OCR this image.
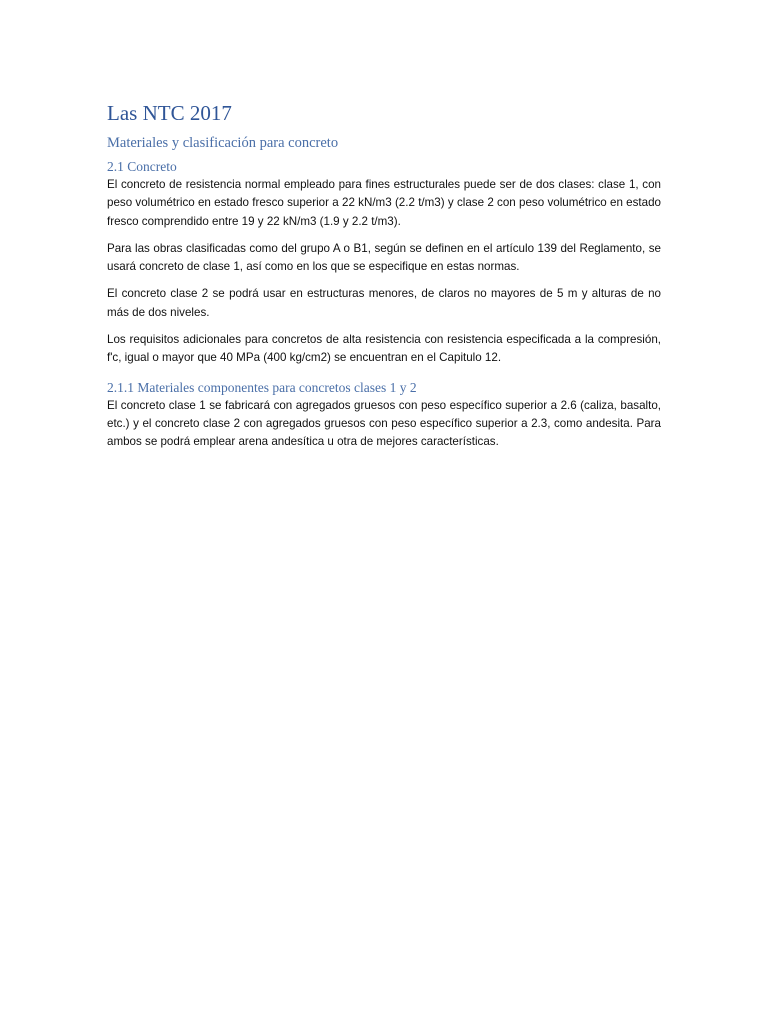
Las NTC 2017
Materiales y clasificación para concreto
2.1 Concreto

El concreto de resistencia normal empleado para fines estructurales puede ser de dos clases: clase 1, con peso volumétrico en estado fresco superior a 22 kN/m3 (2.2 t/m3) y clase 2 con peso volumétrico en estado fresco comprendido entre 19 y 22 kN/m3 (1.9 y 2.2 t/m3).

Para las obras clasificadas como del grupo A o B1, según se definen en el artículo 139 del Reglamento, se usará concreto de clase 1, así como en los que se especifique en estas normas.

El concreto clase 2 se podrá usar en estructuras menores, de claros no mayores de 5 m y alturas de no más de dos niveles.

Los requisitos adicionales para concretos de alta resistencia con resistencia especificada a la compresión, f'c, igual o mayor que 40 MPa (400 kg/cm2) se encuentran en el Capitulo 12.

2.1.1 Materiales componentes para concretos clases 1 y 2

El concreto clase 1 se fabricará con agregados gruesos con peso específico superior a 2.6 (caliza, basalto, etc.) y el concreto clase 2 con agregados gruesos con peso específico superior a 2.3, como andesita. Para ambos se podrá emplear arena andesítica u otra de mejores características.
